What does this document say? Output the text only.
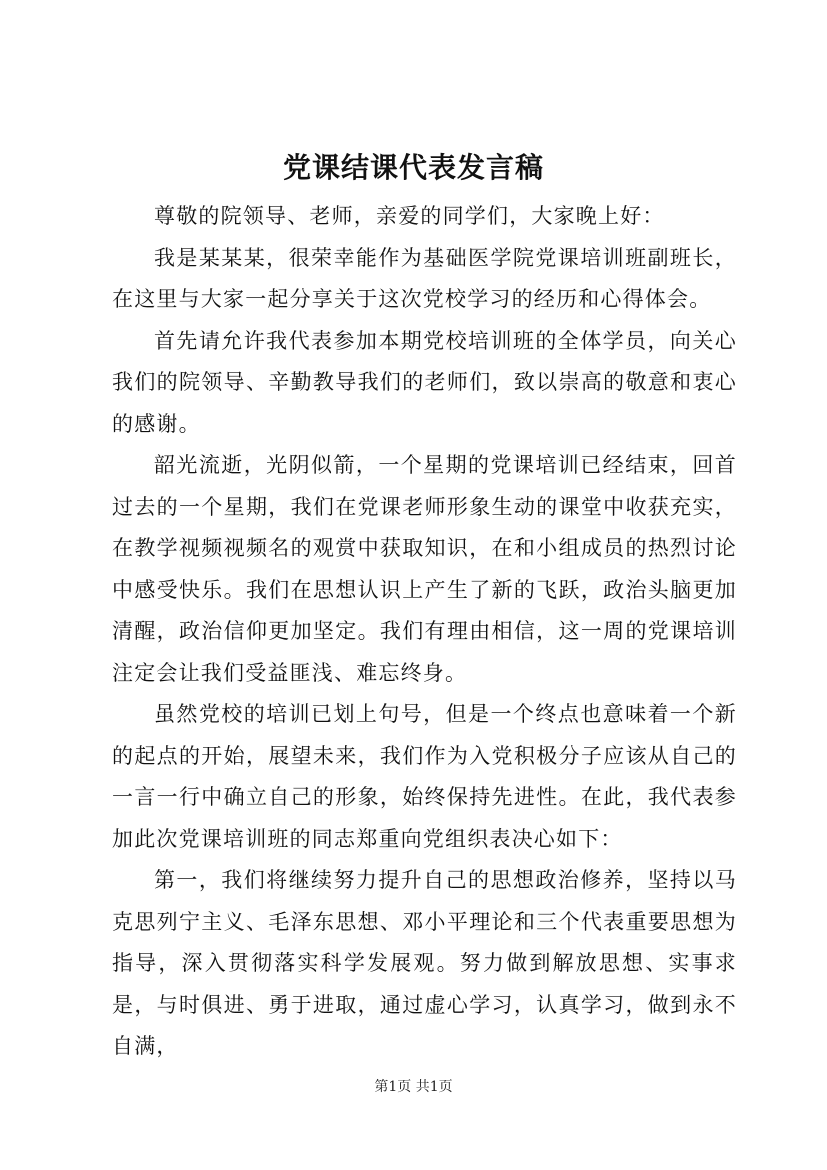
党课结课代表发言稿

尊敬的院领导、老师，亲爱的同学们，大家晚上好：

我是某某某，很荣幸能作为基础医学院党课培训班副班长，在这里与大家一起分享关于这次党校学习的经历和心得体会。

首先请允许我代表参加本期党校培训班的全体学员，向关心我们的院领导、辛勤教导我们的老师们，致以崇高的敬意和衷心的感谢。

韶光流逝，光阴似箭，一个星期的党课培训已经结束，回首过去的一个星期，我们在党课老师形象生动的课堂中收获充实，在教学视频视频名的观赏中获取知识，在和小组成员的热烈讨论中感受快乐。我们在思想认识上产生了新的飞跃，政治头脑更加清醒，政治信仰更加坚定。我们有理由相信，这一周的党课培训注定会让我们受益匪浅、难忘终身。

虽然党校的培训已划上句号，但是一个终点也意味着一个新的起点的开始，展望未来，我们作为入党积极分子应该从自己的一言一行中确立自己的形象，始终保持先进性。在此，我代表参加此次党课培训班的同志郑重向党组织表决心如下：

第一，我们将继续努力提升自己的思想政治修养，坚持以马克思列宁主义、毛泽东思想、邓小平理论和三个代表重要思想为指导，深入贯彻落实科学发展观。努力做到解放思想、实事求是，与时俱进、勇于进取，通过虚心学习，认真学习，做到永不自满，

第1页 共1页
